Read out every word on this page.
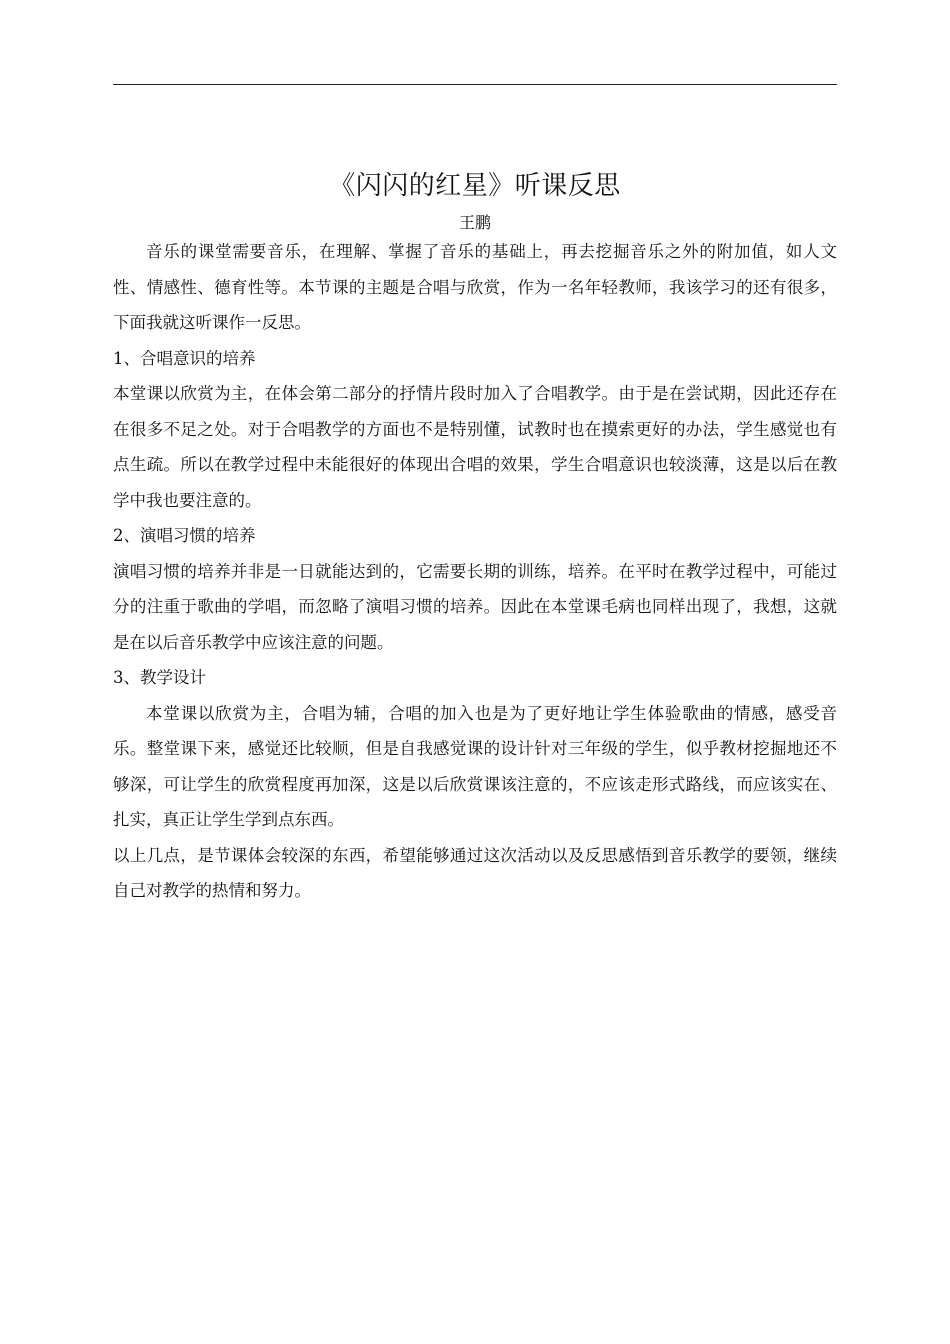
《闪闪的红星》听课反思
王鹏

音乐的课堂需要音乐，在理解、掌握了音乐的基础上，再去挖掘音乐之外的附加值，如人文性、情感性、德育性等。本节课的主题是合唱与欣赏，作为一名年轻教师，我该学习的还有很多，下面我就这听课作一反思。

1、合唱意识的培养

本堂课以欣赏为主，在体会第二部分的抒情片段时加入了合唱教学。由于是在尝试期，因此还存在在很多不足之处。对于合唱教学的方面也不是特别懂，试教时也在摸索更好的办法，学生感觉也有点生疏。所以在教学过程中未能很好的体现出合唱的效果，学生合唱意识也较淡薄，这是以后在教学中我也要注意的。

2、演唱习惯的培养

演唱习惯的培养并非是一日就能达到的，它需要长期的训练，培养。在平时在教学过程中，可能过分的注重于歌曲的学唱，而忽略了演唱习惯的培养。因此在本堂课毛病也同样出现了，我想，这就是在以后音乐教学中应该注意的问题。

3、教学设计

本堂课以欣赏为主，合唱为辅，合唱的加入也是为了更好地让学生体验歌曲的情感，感受音乐。整堂课下来，感觉还比较顺，但是自我感觉课的设计针对三年级的学生，似乎教材挖掘地还不够深，可让学生的欣赏程度再加深，这是以后欣赏课该注意的，不应该走形式路线，而应该实在、扎实，真正让学生学到点东西。

以上几点，是节课体会较深的东西，希望能够通过这次活动以及反思感悟到音乐教学的要领，继续自己对教学的热情和努力。
